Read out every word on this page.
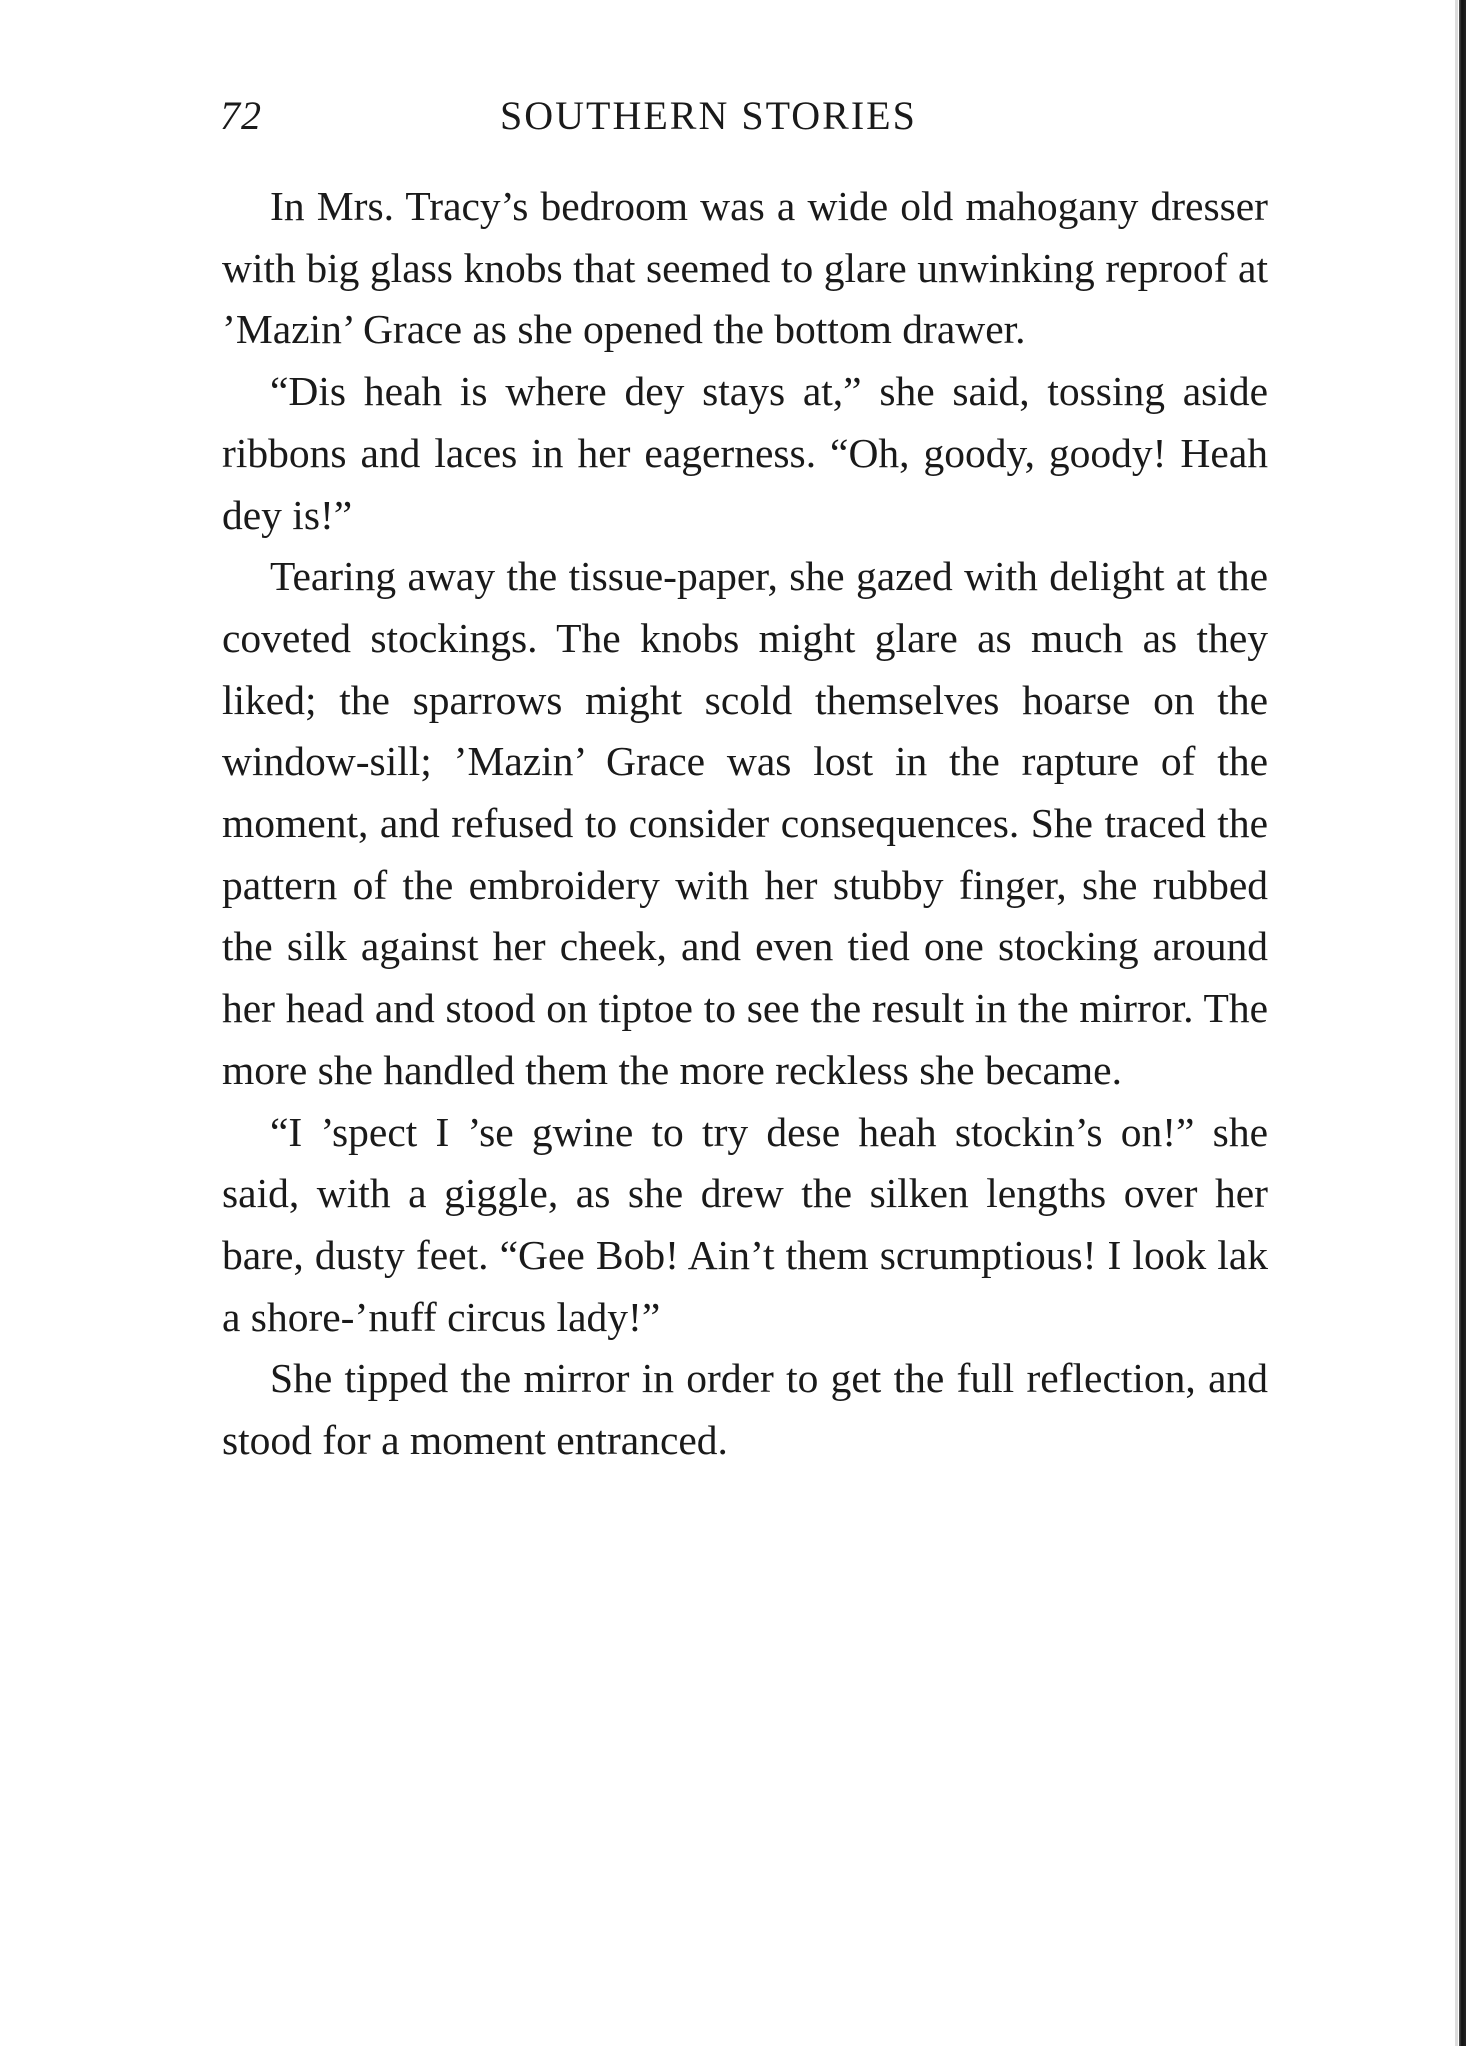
72	SOUTHERN STORIES

In Mrs. Tracy’s bedroom was a wide old mahogany dresser with big glass knobs that seemed to glare unwinking reproof at ’Mazin’ Grace as she opened the bottom drawer.

“Dis heah is where dey stays at,” she said, tossing aside ribbons and laces in her eagerness. “Oh, goody, goody! Heah dey is!”

Tearing away the tissue-paper, she gazed with delight at the coveted stockings. The knobs might glare as much as they liked; the sparrows might scold themselves hoarse on the window-sill; ’Mazin’ Grace was lost in the rapture of the moment, and refused to consider consequences. She traced the pattern of the embroidery with her stubby finger, she rubbed the silk against her cheek, and even tied one stocking around her head and stood on tiptoe to see the result in the mirror. The more she handled them the more reckless she became.

“I ’spect I ’se gwine to try dese heah stockin’s on!” she said, with a giggle, as she drew the silken lengths over her bare, dusty feet. “Gee Bob! Ain’t them scrumptious! I look lak a shore-’nuff circus lady!”

She tipped the mirror in order to get the full reflection, and stood for a moment entranced.
